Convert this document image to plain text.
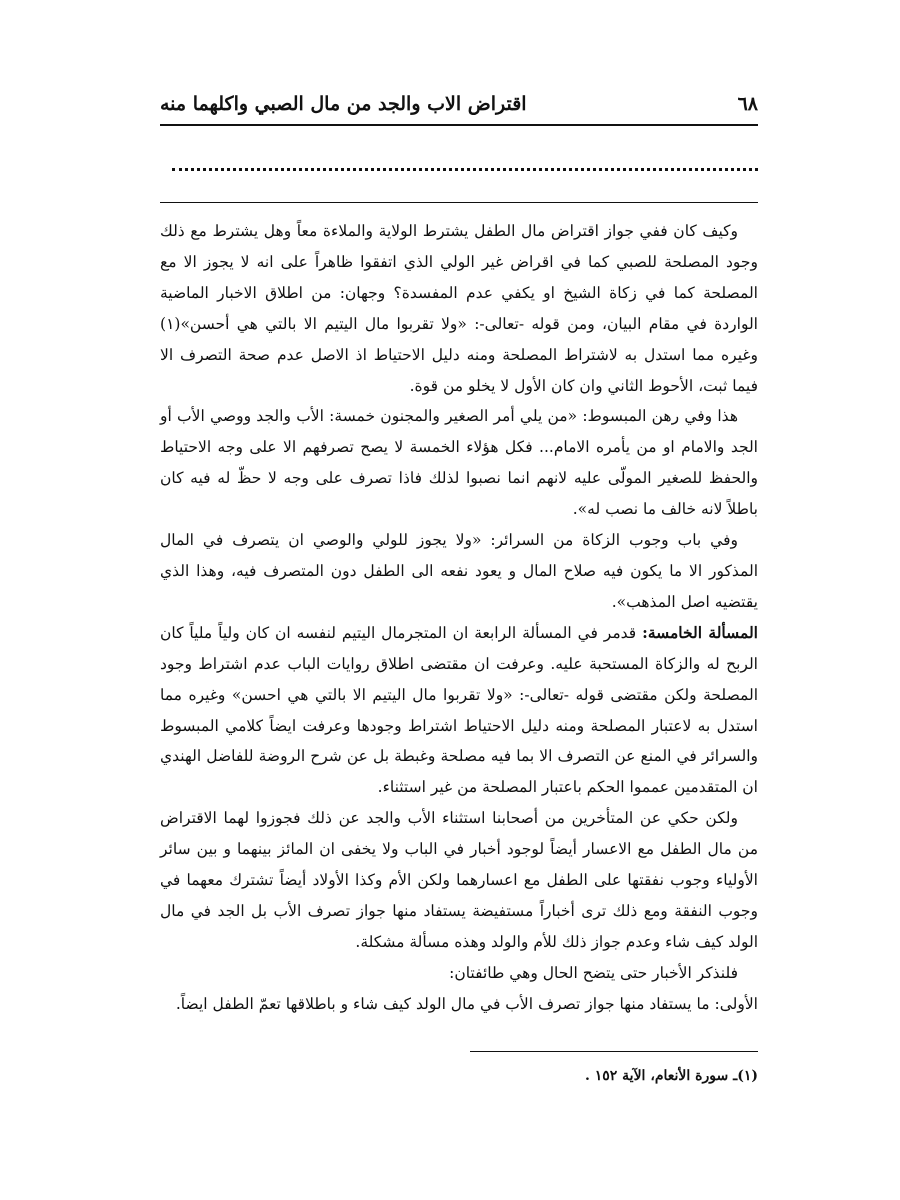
٦٨
اقتراض الاب والجد من مال الصبي واكلهما منه

وكيف كان ففي جواز اقتراض مال الطفل يشترط الولاية والملاءة معاً وهل يشترط مع ذلك وجود المصلحة للصبي كما في اقراض غير الولي الذي اتفقوا ظاهراً على انه لا يجوز الا مع المصلحة كما في زكاة الشيخ او يكفي عدم المفسدة؟ وجهان: من اطلاق الاخبار الماضية الواردة في مقام البيان، ومن قوله -تعالى-: «ولا تقربوا مال اليتيم الا بالتي هي أحسن»(١) وغيره مما استدل به لاشتراط المصلحة ومنه دليل الاحتياط اذ الاصل عدم صحة التصرف الا فيما ثبت، الأحوط الثاني وان كان الأول لا يخلو من قوة.

هذا وفي رهن المبسوط: «من يلي أمر الصغير والمجنون خمسة: الأب والجد ووصي الأب أو الجد والامام او من يأمره الامام... فكل هؤلاء الخمسة لا يصح تصرفهم الا على وجه الاحتياط والحفظ للصغير المولّى عليه لانهم انما نصبوا لذلك فاذا تصرف على وجه لا حظّ له فيه كان باطلاً لانه خالف ما نصب له».

وفي باب وجوب الزكاة من السرائر: «ولا يجوز للولي والوصي ان يتصرف في المال المذكور الا ما يكون فيه صلاح المال و يعود نفعه الى الطفل دون المتصرف فيه، وهذا الذي يقتضيه اصل المذهب».

المسألة الخامسة: قدمر في المسألة الرابعة ان المتجرمال اليتيم لنفسه ان كان ولياً ملياً كان الربح له والزكاة المستحبة عليه. وعرفت ان مقتضى اطلاق روايات الباب عدم اشتراط وجود المصلحة ولكن مقتضى قوله -تعالى-: «ولا تقربوا مال اليتيم الا بالتي هي احسن» وغيره مما استدل به لاعتبار المصلحة ومنه دليل الاحتياط اشتراط وجودها وعرفت ايضاً كلامي المبسوط والسرائر في المنع عن التصرف الا بما فيه مصلحة وغبطة بل عن شرح الروضة للفاضل الهندي ان المتقدمين عمموا الحكم باعتبار المصلحة من غير استثناء.

ولكن حكي عن المتأخرين من أصحابنا استثناء الأب والجد عن ذلك فجوزوا لهما الاقتراض من مال الطفل مع الاعسار أيضاً لوجود أخبار في الباب ولا يخفى ان المائز بينهما و بين سائر الأولياء وجوب نفقتها على الطفل مع اعسارهما ولكن الأم وكذا الأولاد أيضاً تشترك معهما في وجوب النفقة ومع ذلك ترى أخباراً مستفيضة يستفاد منها جواز تصرف الأب بل الجد في مال الولد كيف شاء وعدم جواز ذلك للأم والولد وهذه مسألة مشكلة.

فلنذكر الأخبار حتى يتضح الحال وهي طائفتان:

الأولى: ما يستفاد منها جواز تصرف الأب في مال الولد كيف شاء و باطلاقها تعمّ الطفل ايضاً.

(١)ـ سورة الأنعام، الآية ١٥٢ .
